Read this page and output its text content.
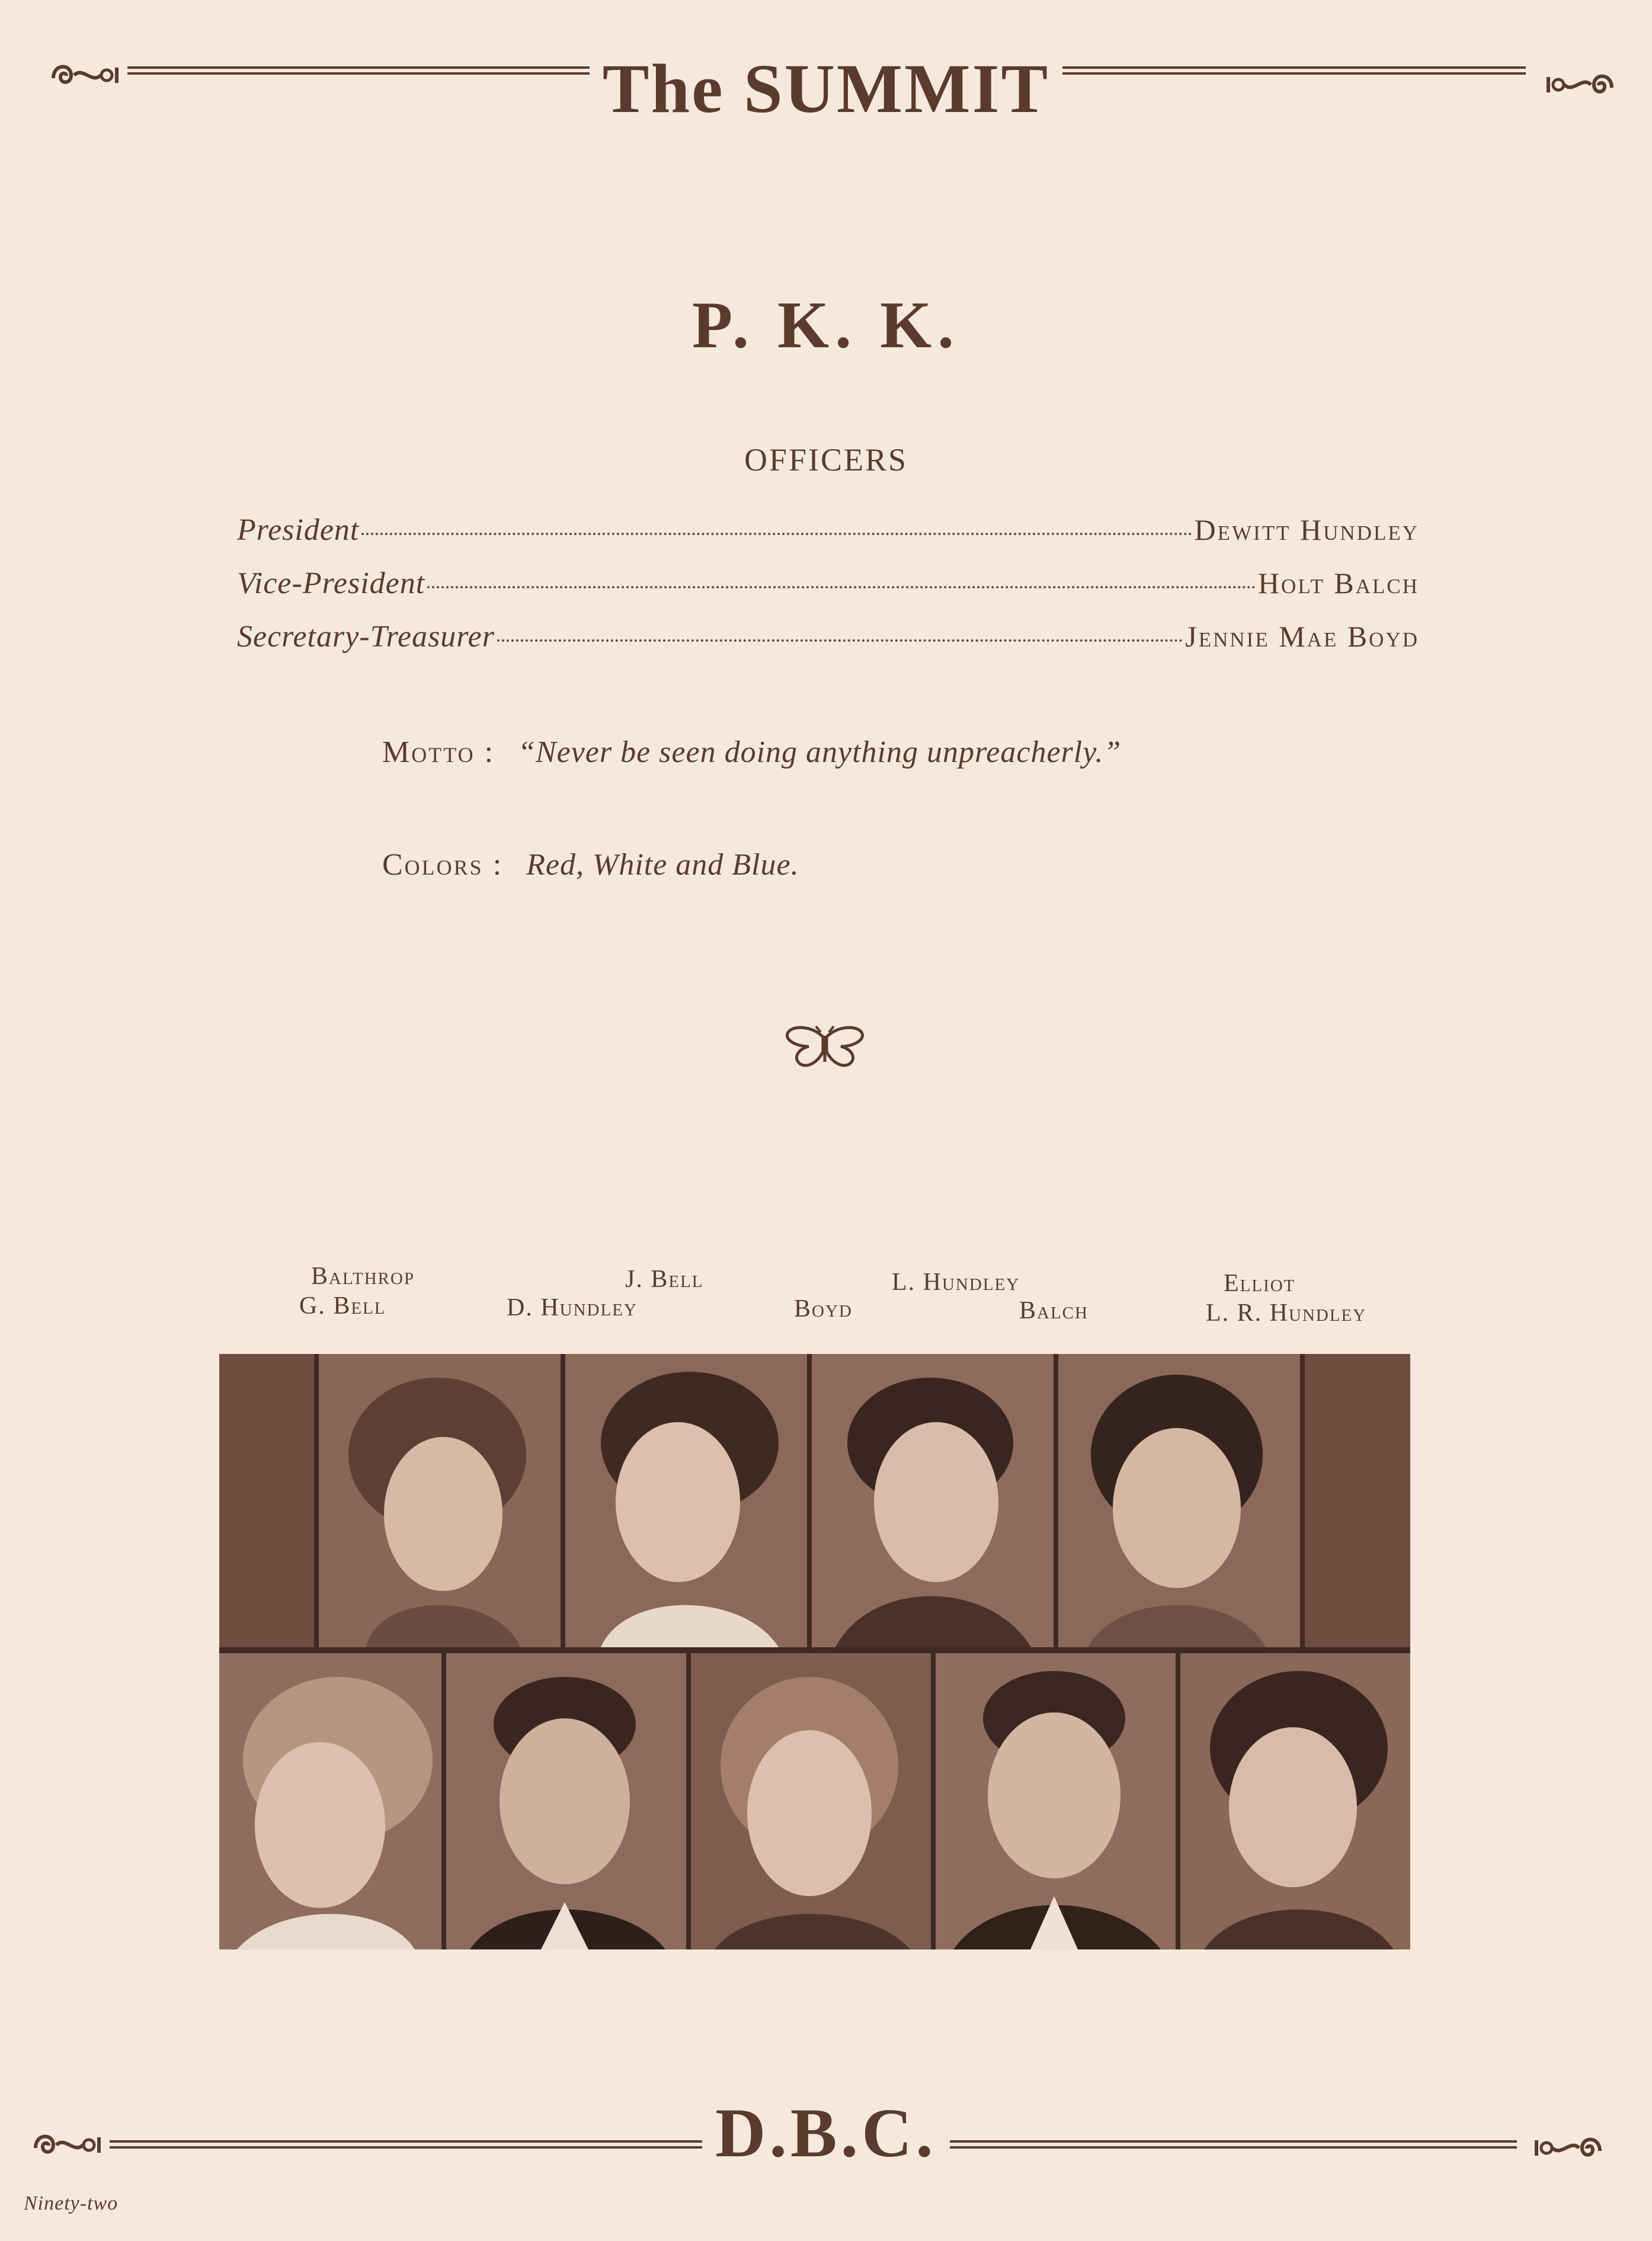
The SUMMIT
P. K. K.
OFFICERS
President	Dewitt Hundley
Vice-President	Holt Balch
Secretary-Treasurer	Jennie Mae Boyd
Motto : “Never be seen doing anything unpreacherly.”
Colors : Red, White and Blue.
Balthrop
G. Bell
J. Bell
D. Hundley	Boyd
L. Hundley
Balch
Elliot
L. R. Hundley
D.B.C.
Ninety-two
